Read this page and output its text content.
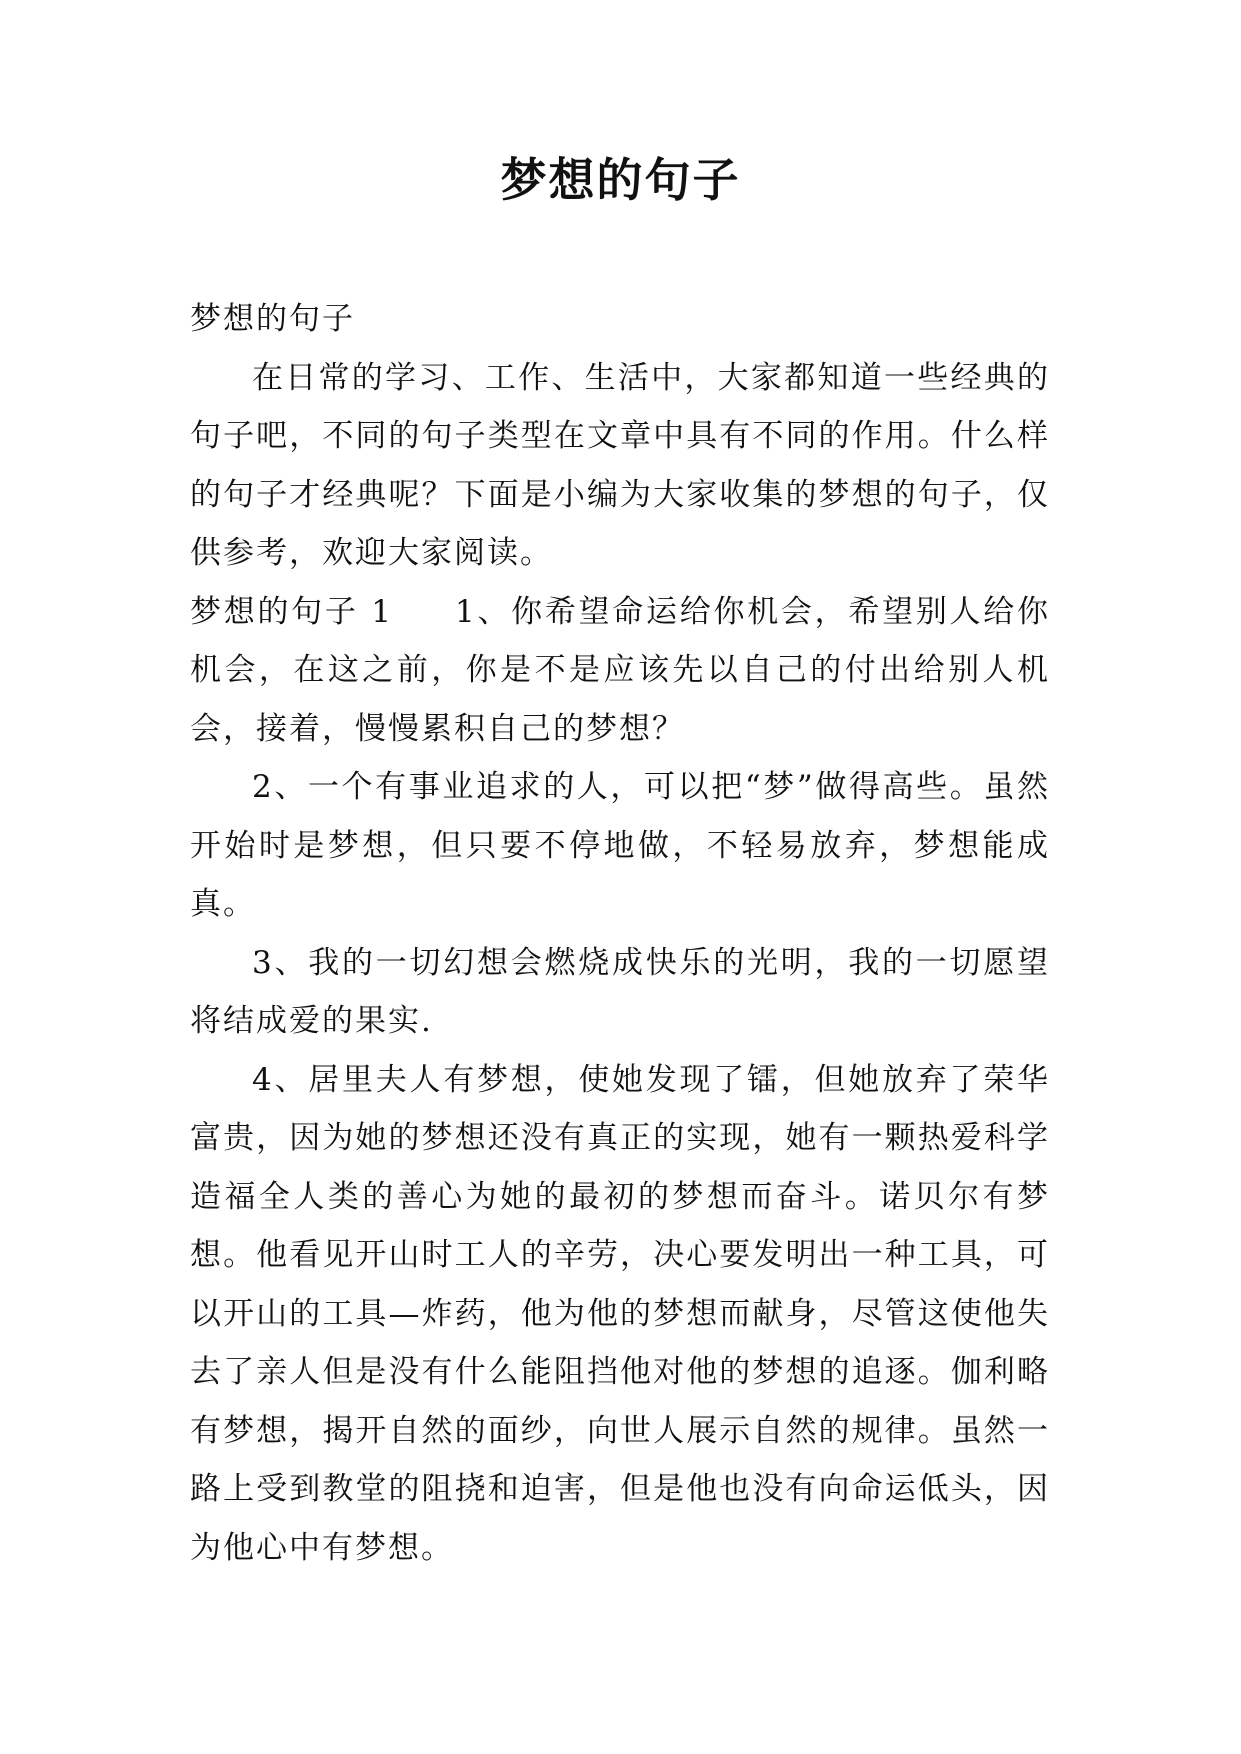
梦想的句子

梦想的句子

在日常的学习、工作、生活中，大家都知道一些经典的句子吧，不同的句子类型在文章中具有不同的作用。什么样的句子才经典呢？下面是小编为大家收集的梦想的句子，仅供参考，欢迎大家阅读。

梦想的句子 1 1、你希望命运给你机会，希望别人给你机会，在这之前，你是不是应该先以自己的付出给别人机会，接着，慢慢累积自己的梦想？

2、一个有事业追求的人，可以把“梦”做得高些。虽然开始时是梦想，但只要不停地做，不轻易放弃，梦想能成真。

3、我的一切幻想会燃烧成快乐的光明，我的一切愿望将结成爱的果实.

4、居里夫人有梦想，使她发现了镭，但她放弃了荣华富贵，因为她的梦想还没有真正的实现，她有一颗热爱科学造福全人类的善心为她的最初的梦想而奋斗。诺贝尔有梦想。他看见开山时工人的辛劳，决心要发明出一种工具，可以开山的工具—炸药，他为他的梦想而献身，尽管这使他失去了亲人但是没有什么能阻挡他对他的梦想的追逐。伽利略有梦想，揭开自然的面纱，向世人展示自然的规律。虽然一路上受到教堂的阻挠和迫害，但是他也没有向命运低头，因为他心中有梦想。
